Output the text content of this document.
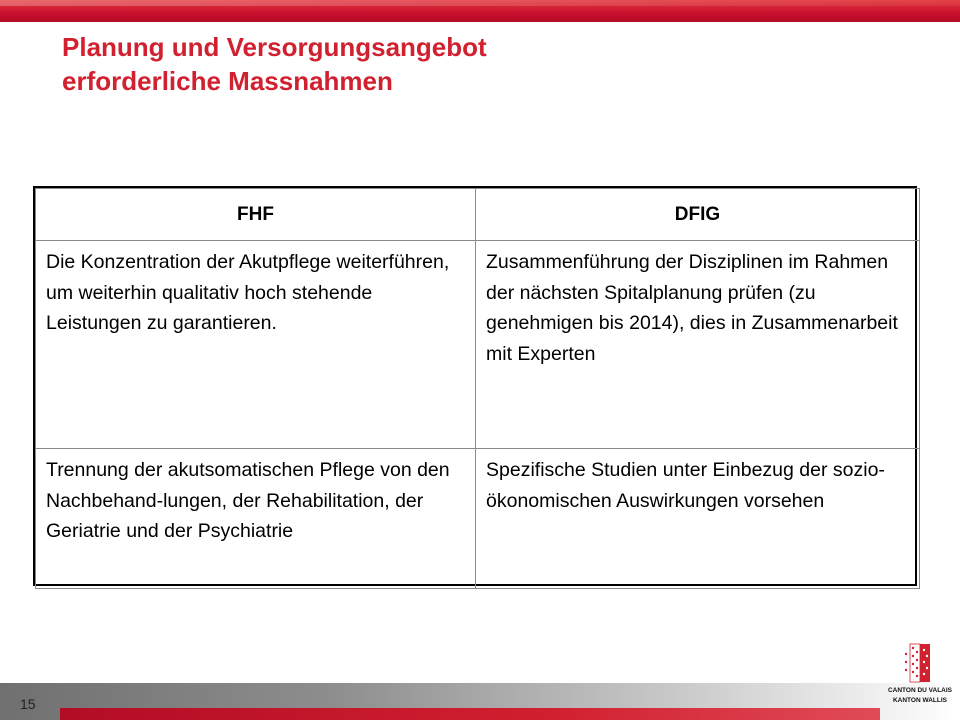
Planung und Versorgungsangebot
erforderliche Massnahmen
FHF	DFIG
Die Konzentration der Akutpflege weiterführen, um weiterhin qualitativ hoch stehende Leistungen zu garantieren.	Zusammenführung der Disziplinen im Rahmen der nächsten Spitalplanung prüfen (zu genehmigen bis 2014), dies in Zusammenarbeit mit Experten
Trennung der akutsomatischen Pflege von den Nachbehand-lungen, der Rehabilitation, der Geriatrie und der Psychiatrie	Spezifische Studien unter Einbezug der sozio- ökonomischen Auswirkungen vorsehen
15
CANTON DU VALAIS
KANTON WALLIS
